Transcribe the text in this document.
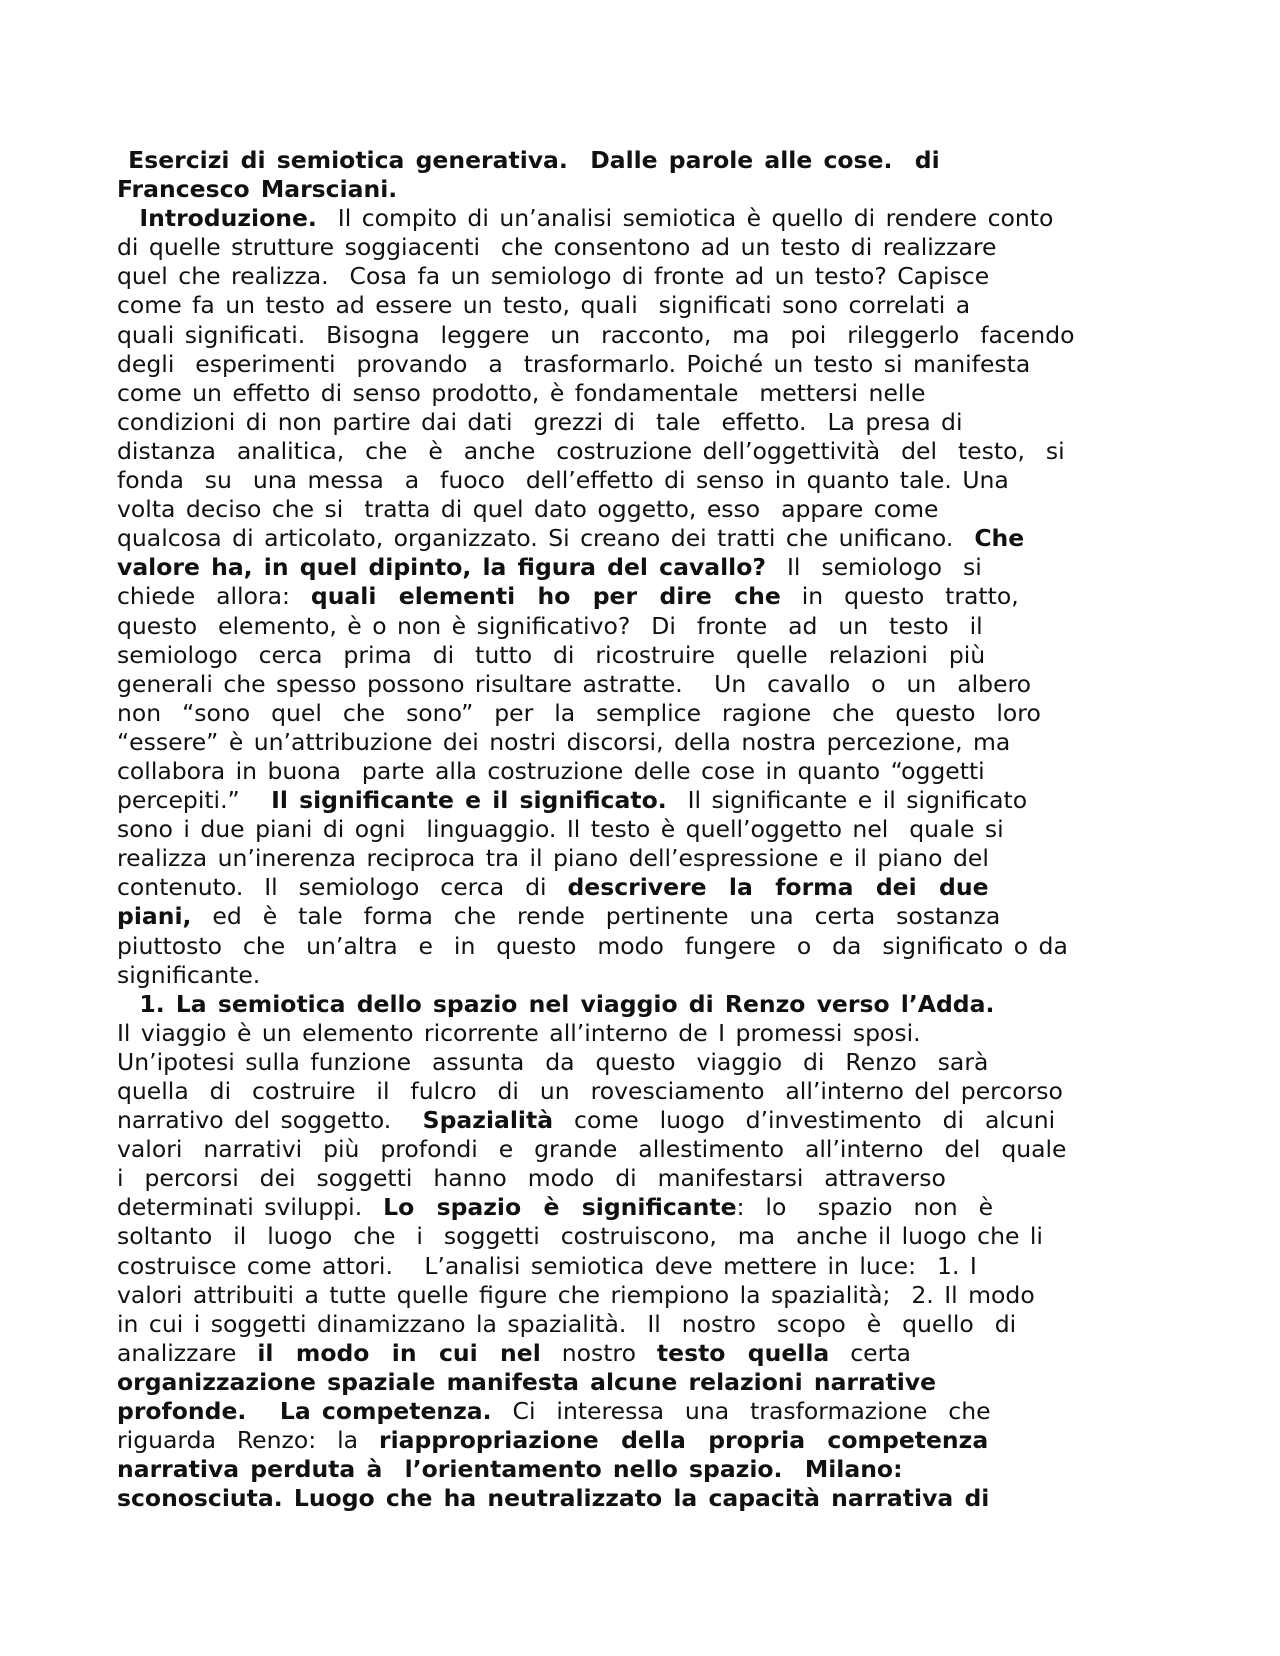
Esercizi di semiotica generativa.  Dalle parole alle cose.  di
Francesco Marsciani.
Introduzione.  Il compito di un’analisi semiotica è quello di rendere conto
di quelle strutture soggiacenti  che consentono ad un testo di realizzare
quel che realizza.  Cosa fa un semiologo di fronte ad un testo? Capisce
come fa un testo ad essere un testo, quali  significati sono correlati a
quali significati.  Bisogna  leggere  un  racconto,  ma  poi  rileggerlo  facendo
degli  esperimenti  provando  a  trasformarlo. Poiché un testo si manifesta
come un effetto di senso prodotto, è fondamentale  mettersi nelle
condizioni di non partire dai dati  grezzi di  tale  effetto.  La presa di
distanza  analitica,  che  è  anche  costruzione dell’oggettività  del  testo,  si
fonda  su  una messa  a  fuoco  dell’effetto di senso in quanto tale. Una
volta deciso che si  tratta di quel dato oggetto, esso  appare come
qualcosa di articolato, organizzato. Si creano dei tratti che unificano.  Che
valore ha, in quel dipinto, la figura del cavallo?  Il  semiologo  si
chiede  allora:  quali  elementi  ho  per  dire  che  in  questo  tratto,
questo  elemento, è o non è significativo?  Di  fronte  ad  un  testo  il
semiologo  cerca  prima  di  tutto  di  ricostruire  quelle  relazioni  più
generali che spesso possono risultare astratte.   Un  cavallo  o  un  albero
non  “sono  quel  che  sono”  per  la  semplice  ragione  che  questo  loro
“essere” è un’attribuzione dei nostri discorsi, della nostra percezione, ma
collabora in buona  parte alla costruzione delle cose in quanto “oggetti
percepiti.”   Il significante e il significato.  Il significante e il significato
sono i due piani di ogni  linguaggio. Il testo è quell’oggetto nel  quale si
realizza un’inerenza reciproca tra il piano dell’espressione e il piano del
contenuto.  Il  semiologo  cerca  di  descrivere  la  forma  dei  due
piani,  ed  è  tale  forma  che  rende  pertinente  una  certa  sostanza
piuttosto  che  un’altra  e  in  questo  modo  fungere  o  da  significato o da
significante.
1. La semiotica dello spazio nel viaggio di Renzo verso l’Adda.
Il viaggio è un elemento ricorrente all’interno de I promessi sposi.
Un’ipotesi sulla funzione  assunta  da  questo  viaggio  di  Renzo  sarà
quella  di  costruire  il  fulcro  di  un  rovesciamento  all’interno del percorso
narrativo del soggetto.   Spazialità  come  luogo  d’investimento  di  alcuni
valori  narrativi  più  profondi  e  grande  allestimento  all’interno  del  quale
i  percorsi  dei  soggetti  hanno  modo  di  manifestarsi  attraverso
determinati sviluppi.  Lo  spazio  è  significante:  lo   spazio  non  è
soltanto  il  luogo  che  i  soggetti  costruiscono,  ma  anche il luogo che li
costruisce come attori.   L’analisi semiotica deve mettere in luce:  1. I
valori attribuiti a tutte quelle figure che riempiono la spazialità;  2. Il modo
in cui i soggetti dinamizzano la spazialità.  Il  nostro  scopo  è  quello  di
analizzare  il  modo  in  cui  nel  nostro  testo  quella  certa
organizzazione spaziale manifesta alcune relazioni narrative
profonde.   La competenza.  Ci  interessa  una  trasformazione  che
riguarda  Renzo:  la  riappropriazione  della  propria  competenza
narrativa perduta à  l’orientamento nello spazio.  Milano:
sconosciuta. Luogo che ha neutralizzato la capacità narrativa di
